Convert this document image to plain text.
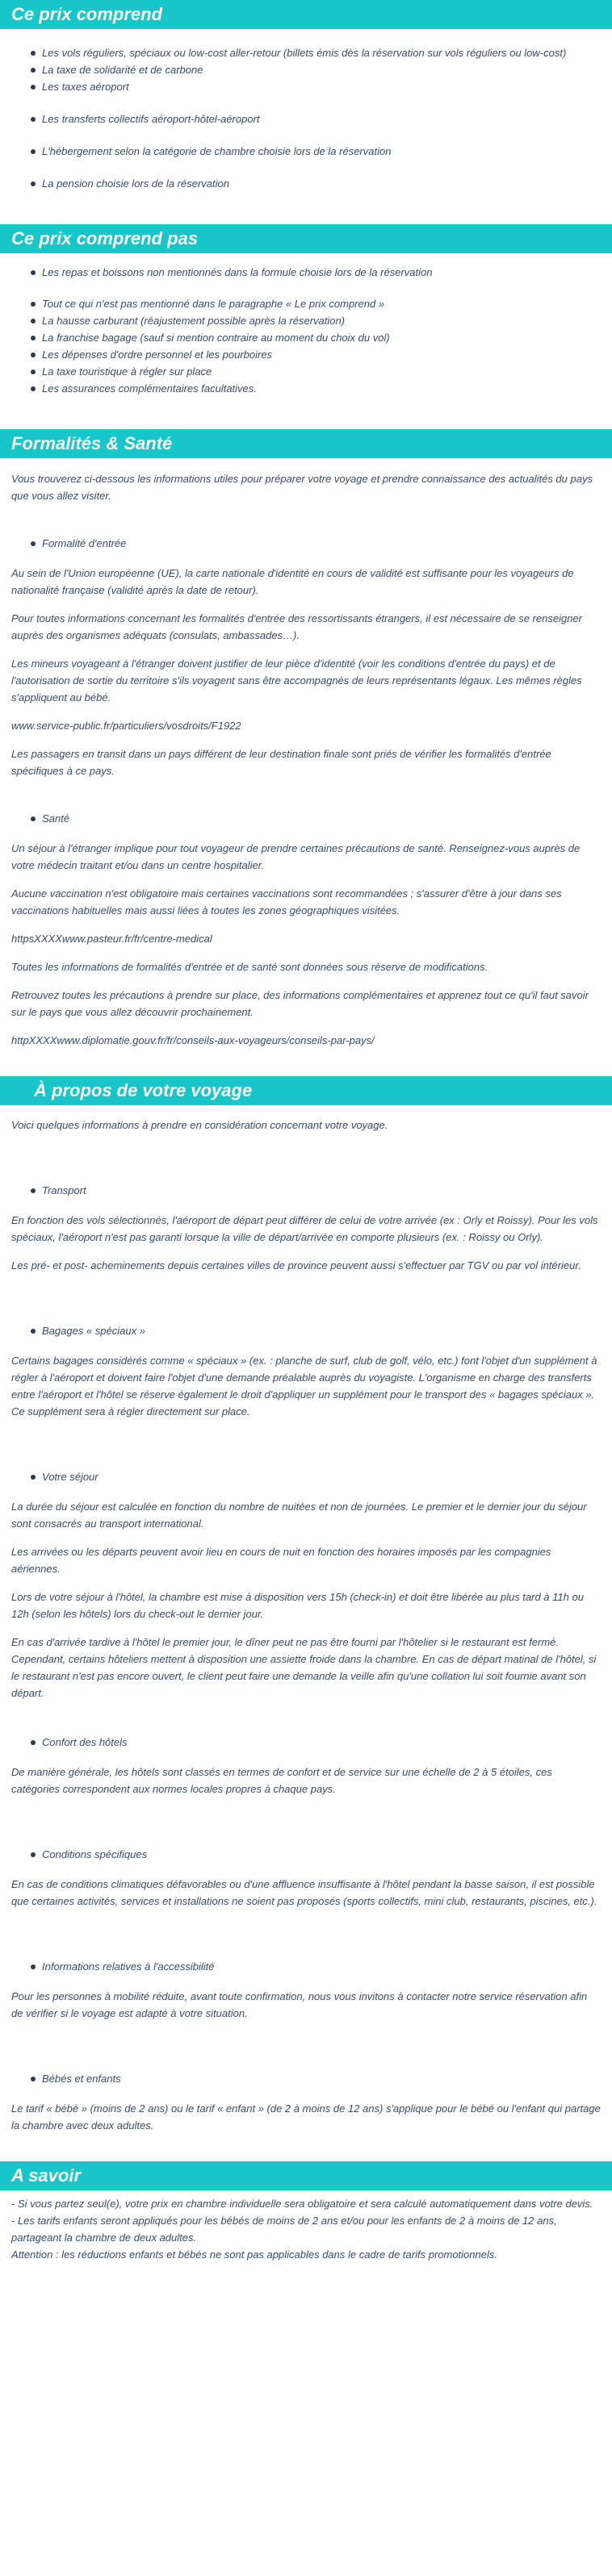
Ce prix comprend
Les vols réguliers, spéciaux ou low-cost aller-retour (billets émis dès la réservation sur vols réguliers ou low-cost)
La taxe de solidarité et de carbone
Les taxes aéroport
Les transferts collectifs aéroport-hôtel-aéroport
L'hébergement selon la catégorie de chambre choisie lors de la réservation
La pension choisie lors de la réservation
Ce prix comprend pas
Les repas et boissons non mentionnés dans la formule choisie lors de la réservation
Tout ce qui n'est pas mentionné dans le paragraphe « Le prix comprend »
La hausse carburant (réajustement possible après la réservation)
La franchise bagage (sauf si mention contraire au moment du choix du vol)
Les dépenses d'ordre personnel et les pourboires
La taxe touristique à régler sur place
Les assurances complémentaires facultatives.
Formalités & Santé

Vous trouverez ci-dessous les informations utiles pour préparer votre voyage et prendre connaissance des actualités du pays que vous allez visiter.

Formalité d'entrée

Au sein de l'Union européenne (UE), la carte nationale d'identité en cours de validité est suffisante pour les voyageurs de nationalité française (validité après la date de retour).

Pour toutes informations concernant les formalités d'entrée des ressortissants étrangers, il est nécessaire de se renseigner auprès des organismes adéquats (consulats, ambassades…).

Les mineurs voyageant à l'étranger doivent justifier de leur pièce d'identité (voir les conditions d'entrée du pays) et de l'autorisation de sortie du territoire s'ils voyagent sans être accompagnés de leurs représentants légaux. Les mêmes règles s'appliquent au bébé.

www.service-public.fr/particuliers/vosdroits/F1922

Les passagers en transit dans un pays différent de leur destination finale sont priés de vérifier les formalités d'entrée spécifiques à ce pays.

Santé

Un séjour à l'étranger implique pour tout voyageur de prendre certaines précautions de santé. Renseignez-vous auprès de votre médecin traitant et/ou dans un centre hospitalier.

Aucune vaccination n'est obligatoire mais certaines vaccinations sont recommandées ; s'assurer d'être à jour dans ses vaccinations habituelles mais aussi liées à toutes les zones géographiques visitées.

httpsXXXXwww.pasteur.fr/fr/centre-medical

Toutes les informations de formalités d'entrée et de santé sont données sous réserve de modifications.

Retrouvez toutes les précautions à prendre sur place, des informations complémentaires et apprenez tout ce qu'il faut savoir sur le pays que vous allez découvrir prochainement.

httpXXXXwww.diplomatie.gouv.fr/fr/conseils-aux-voyageurs/conseils-par-pays/

À propos de votre voyage

Voici quelques informations à prendre en considération concernant votre voyage.

Transport

En fonction des vols sélectionnés, l'aéroport de départ peut différer de celui de votre arrivée (ex : Orly et Roissy). Pour les vols spéciaux, l'aéroport n'est pas garanti lorsque la ville de départ/arrivée en comporte plusieurs (ex. : Roissy ou Orly).

Les pré- et post- acheminements depuis certaines villes de province peuvent aussi s'effectuer par TGV ou par vol intérieur.

Bagages « spéciaux »

Certains bagages considérés comme « spéciaux » (ex. : planche de surf, club de golf, vélo, etc.) font l'objet d'un supplément à régler à l'aéroport et doivent faire l'objet d'une demande préalable auprès du voyagiste. L'organisme en charge des transferts entre l'aéroport et l'hôtel se réserve également le droit d'appliquer un supplément pour le transport des « bagages spéciaux ». Ce supplément sera à régler directement sur place.

Votre séjour

La durée du séjour est calculée en fonction du nombre de nuitées et non de journées. Le premier et le dernier jour du séjour sont consacrés au transport international.

Les arrivées ou les départs peuvent avoir lieu en cours de nuit en fonction des horaires imposés par les compagnies aériennes.

Lors de votre séjour à l'hôtel, la chambre est mise à disposition vers 15h (check-in) et doit être libérée au plus tard à 11h ou 12h (selon les hôtels) lors du check-out le dernier jour.

En cas d'arrivée tardive à l'hôtel le premier jour, le dîner peut ne pas être fourni par l'hôtelier si le restaurant est fermé. Cependant, certains hôteliers mettent à disposition une assiette froide dans la chambre. En cas de départ matinal de l'hôtel, si le restaurant n'est pas encore ouvert, le client peut faire une demande la veille afin qu'une collation lui soit fournie avant son départ.

Confort des hôtels

De manière générale, les hôtels sont classés en termes de confort et de service sur une échelle de 2 à 5 étoiles, ces catégories correspondent aux normes locales propres à chaque pays.

Conditions spécifiques

En cas de conditions climatiques défavorables ou d'une affluence insuffisante à l'hôtel pendant la basse saison, il est possible que certaines activités, services et installations ne soient pas proposés (sports collectifs, mini club, restaurants, piscines, etc.).

Informations relatives à l'accessibilité

Pour les personnes à mobilité réduite, avant toute confirmation, nous vous invitons à contacter notre service réservation afin de vérifier si le voyage est adapté à votre situation.

Bébés et enfants

Le tarif « bébé » (moins de 2 ans) ou le tarif « enfant » (de 2 à moins de 12 ans) s'applique pour le bébé ou l'enfant qui partage la chambre avec deux adultes.

A savoir

- Si vous partez seul(e), votre prix en chambre individuelle sera obligatoire et sera calculé automatiquement dans votre devis.

- Les tarifs enfants seront appliqués pour les bébés de moins de 2 ans et/ou pour les enfants de 2 à moins de 12 ans, partageant la chambre de deux adultes.

Attention : les réductions enfants et bébés ne sont pas applicables dans le cadre de tarifs promotionnels.
